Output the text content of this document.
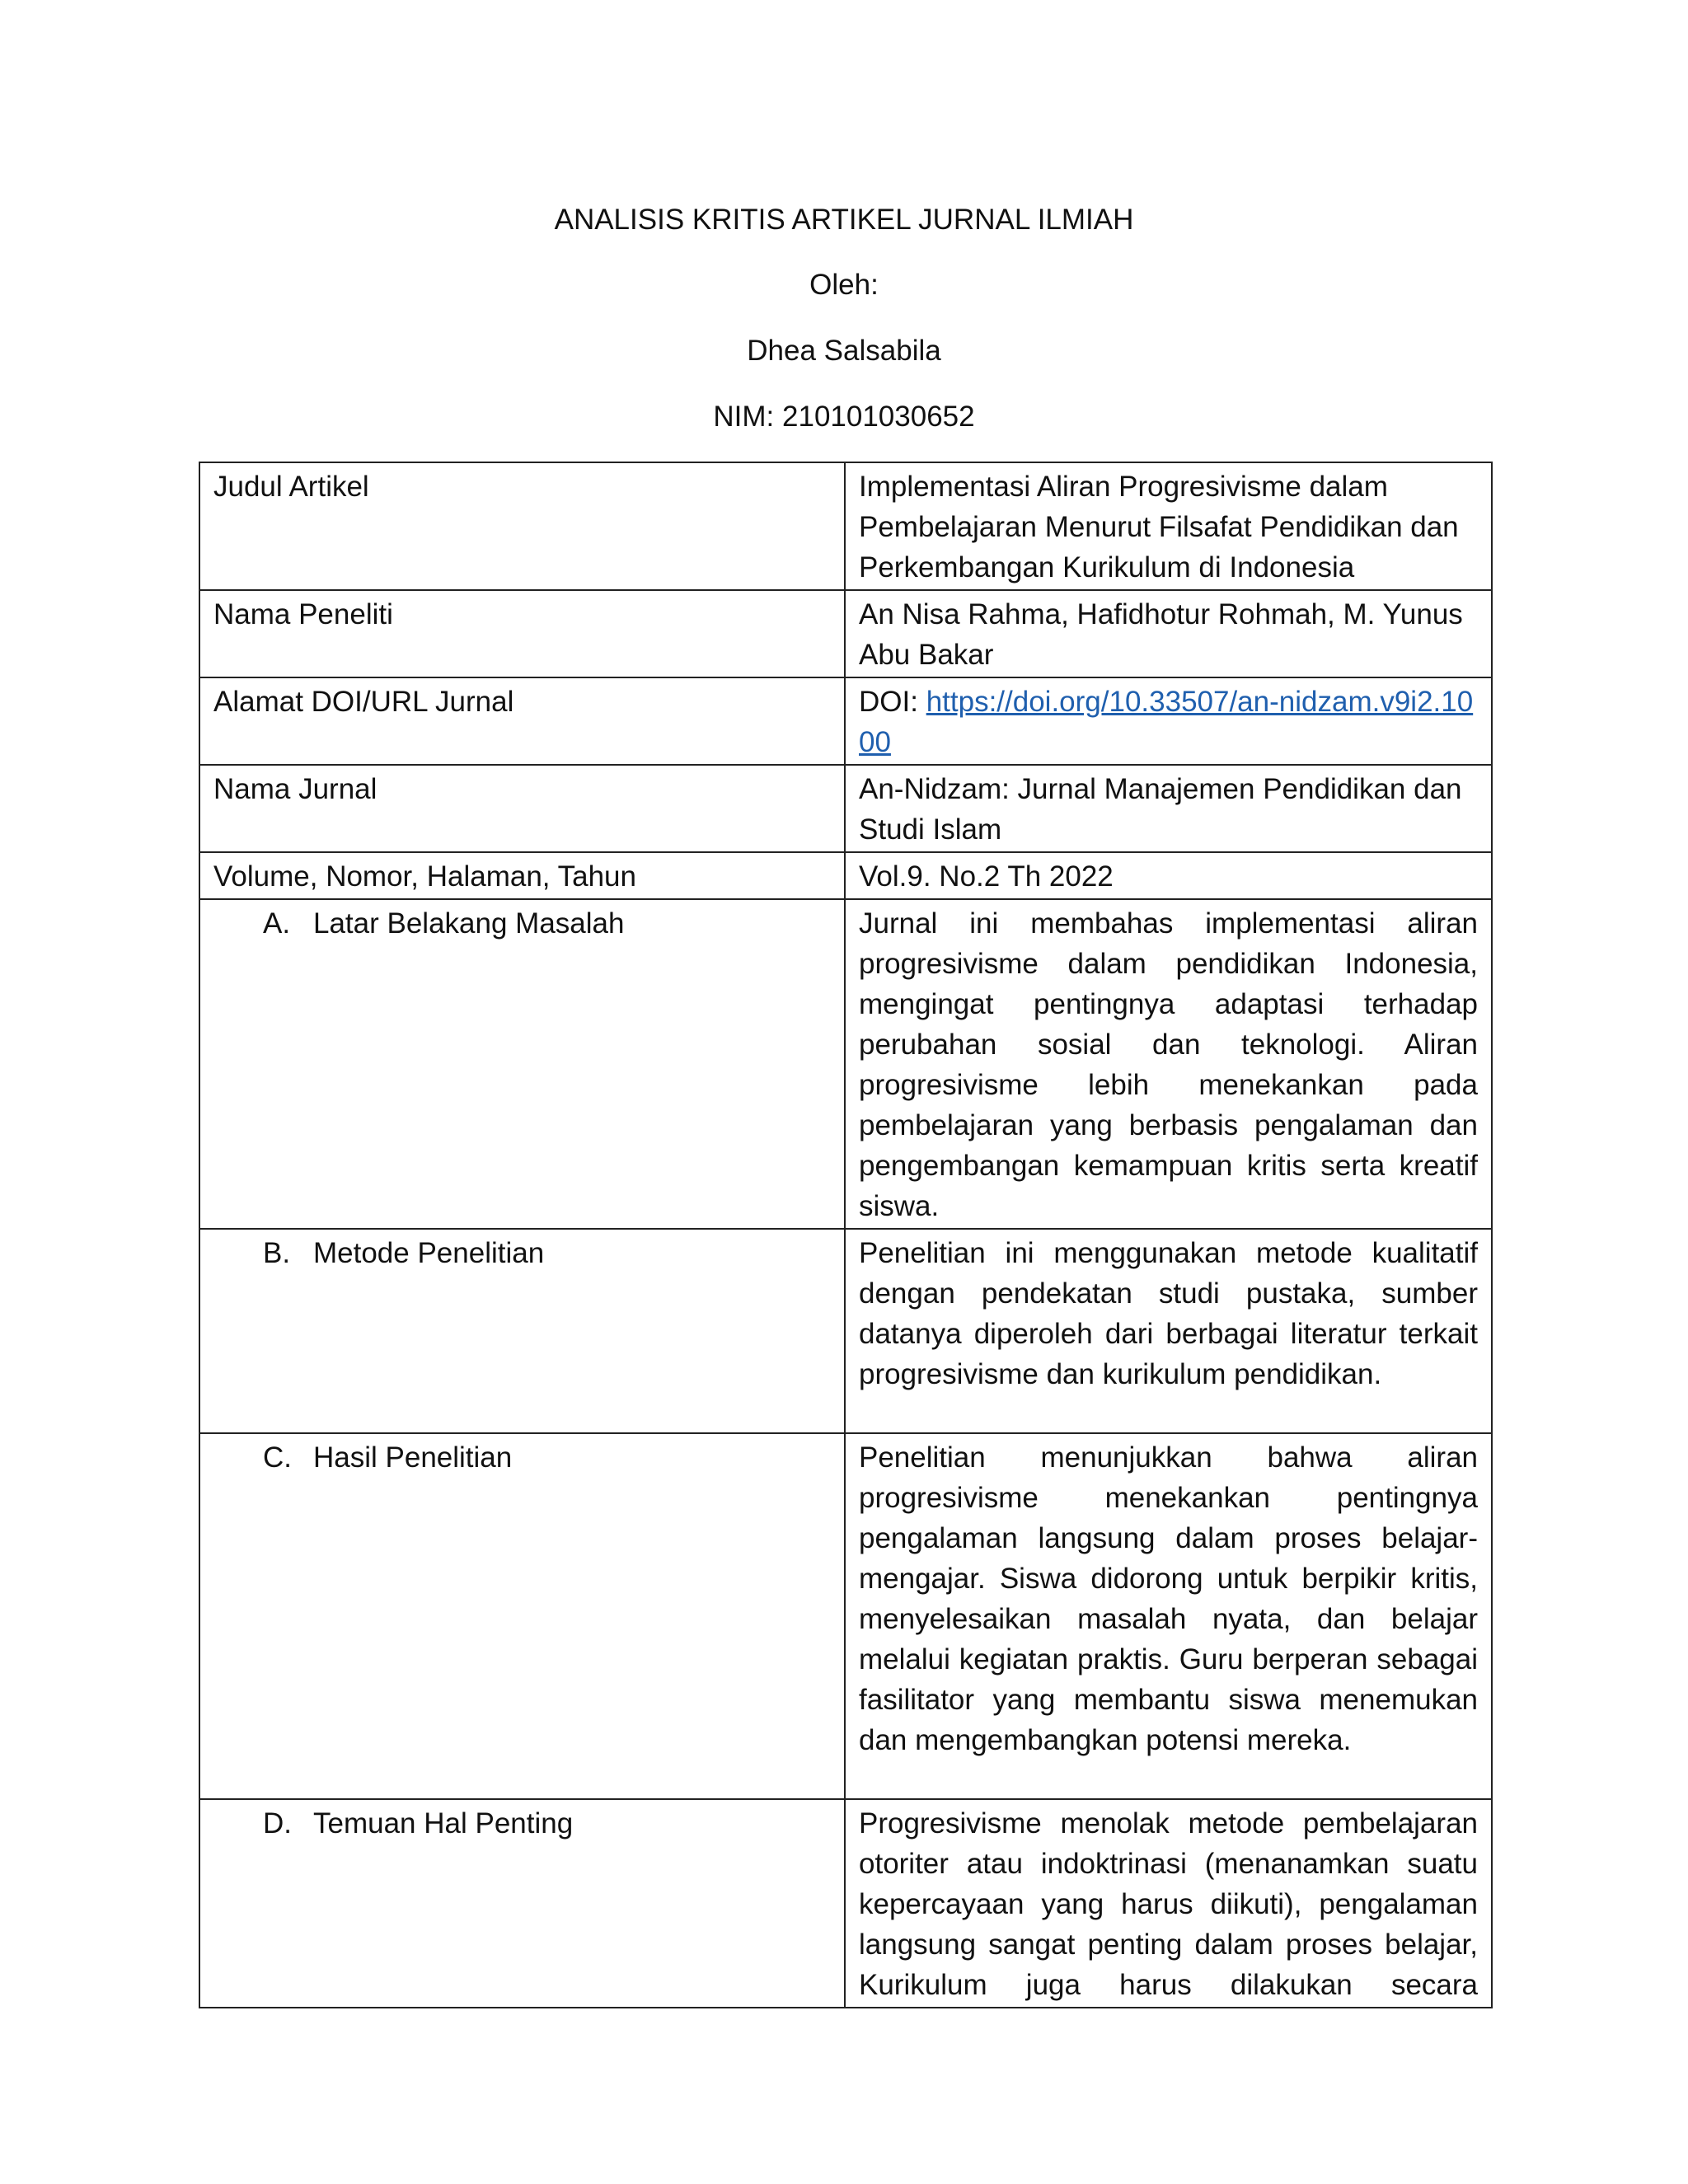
ANALISIS KRITIS ARTIKEL JURNAL ILMIAH
Oleh:
Dhea Salsabila
NIM: 210101030652
Judul Artikel	Implementasi Aliran Progresivisme dalam Pembelajaran Menurut Filsafat Pendidikan dan Perkembangan Kurikulum di Indonesia

Nama Peneliti	An Nisa Rahma, Hafidhotur Rohmah, M. Yunus Abu Bakar

Alamat DOI/URL Jurnal	DOI: https://doi.org/10.33507/an-nidzam.v9i2.1000

Nama Jurnal	An-Nidzam: Jurnal Manajemen Pendidikan dan Studi Islam

Volume, Nomor, Halaman, Tahun	Vol.9. No.2 Th 2022

A. Latar Belakang Masalah	Jurnal ini membahas implementasi aliran progresivisme dalam pendidikan Indonesia, mengingat pentingnya adaptasi terhadap perubahan sosial dan teknologi. Aliran progresivisme lebih menekankan pada pembelajaran yang berbasis pengalaman dan pengembangan kemampuan kritis serta kreatif siswa.

B. Metode Penelitian	Penelitian ini menggunakan metode kualitatif dengan pendekatan studi pustaka, sumber datanya diperoleh dari berbagai literatur terkait progresivisme dan kurikulum pendidikan.

C. Hasil Penelitian	Penelitian menunjukkan bahwa aliran progresivisme menekankan pentingnya pengalaman langsung dalam proses belajar-mengajar. Siswa didorong untuk berpikir kritis, menyelesaikan masalah nyata, dan belajar melalui kegiatan praktis. Guru berperan sebagai fasilitator yang membantu siswa menemukan dan mengembangkan potensi mereka.

D. Temuan Hal Penting	Progresivisme menolak metode pembelajaran otoriter atau indoktrinasi (menanamkan suatu kepercayaan yang harus diikuti), pengalaman langsung sangat penting dalam proses belajar, Kurikulum juga harus dilakukan secara
